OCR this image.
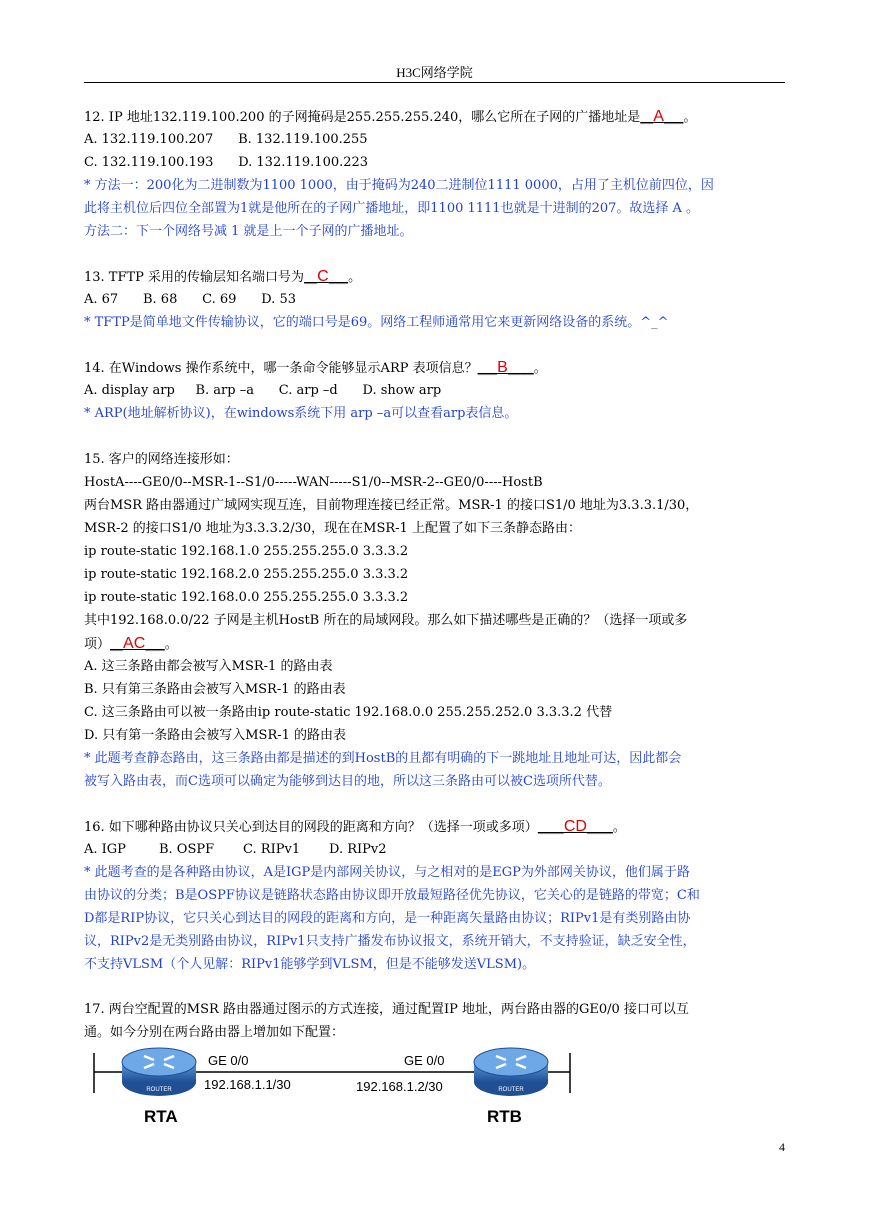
H3C网络学院
12. IP 地址132.119.100.200 的子网掩码是255.255.255.240，哪么它所在子网的广播地址是__A___。
A. 132.119.100.207      B. 132.119.100.255
C. 132.119.100.193      D. 132.119.100.223
* 方法一：200化为二进制数为1100 1000，由于掩码为240二进制位1111 0000，占用了主机位前四位，因
此将主机位后四位全部置为1就是他所在的子网广播地址，即1100 1111也就是十进制的207。故选择 A 。
方法二：下一个网络号减 1 就是上一个子网的广播地址。
13. TFTP 采用的传输层知名端口号为__C___。
A. 67      B. 68      C. 69      D. 53
* TFTP是简单地文件传输协议，它的端口号是69。网络工程师通常用它来更新网络设备的系统。^_^
14. 在Windows 操作系统中，哪一条命令能够显示ARP 表项信息？___B____。
A. display arp     B. arp –a      C. arp –d      D. show arp
* ARP(地址解析协议)，在windows系统下用 arp –a可以查看arp表信息。
15. 客户的网络连接形如：
HostA----GE0/0--MSR-1--S1/0-----WAN-----S1/0--MSR-2--GE0/0----HostB
两台MSR 路由器通过广域网实现互连，目前物理连接已经正常。MSR-1 的接口S1/0 地址为3.3.3.1/30，
MSR-2 的接口S1/0 地址为3.3.3.2/30，现在在MSR-1 上配置了如下三条静态路由：
ip route-static 192.168.1.0 255.255.255.0 3.3.3.2
ip route-static 192.168.2.0 255.255.255.0 3.3.3.2
ip route-static 192.168.0.0 255.255.255.0 3.3.3.2
其中192.168.0.0/22 子网是主机HostB 所在的局域网段。那么如下描述哪些是正确的？（选择一项或多
项）__AC___。
A. 这三条路由都会被写入MSR-1 的路由表
B. 只有第三条路由会被写入MSR-1 的路由表
C. 这三条路由可以被一条路由ip route-static 192.168.0.0 255.255.252.0 3.3.3.2 代替
D. 只有第一条路由会被写入MSR-1 的路由表
* 此题考查静态路由，这三条路由都是描述的到HostB的且都有明确的下一跳地址且地址可达，因此都会
被写入路由表，而C选项可以确定为能够到达目的地，所以这三条路由可以被C选项所代替。
16. 如下哪种路由协议只关心到达目的网段的距离和方向？（选择一项或多项）____CD____。
A. IGP        B. OSPF       C. RIPv1       D. RIPv2
* 此题考查的是各种路由协议，A是IGP是内部网关协议，与之相对的是EGP为外部网关协议，他们属于路
由协议的分类；B是OSPF协议是链路状态路由协议即开放最短路径优先协议，它关心的是链路的带宽；C和
D都是RIP协议，它只关心到达目的网段的距离和方向，是一种距离矢量路由协议；RIPv1是有类别路由协
议，RIPv2是无类别路由协议，RIPv1只支持广播发布协议报文，系统开销大，不支持验证，缺乏安全性，
不支持VLSM（个人见解：RIPv1能够学到VLSM，但是不能够发送VLSM)。
17. 两台空配置的MSR 路由器通过图示的方式连接，通过配置IP 地址，两台路由器的GE0/0 接口可以互
通。如今分别在两台路由器上增加如下配置：
ROUTER	ROUTER
GE 0/0
192.168.1.1/30
GE 0/0
192.168.1.2/30
RTA	RTB
4
